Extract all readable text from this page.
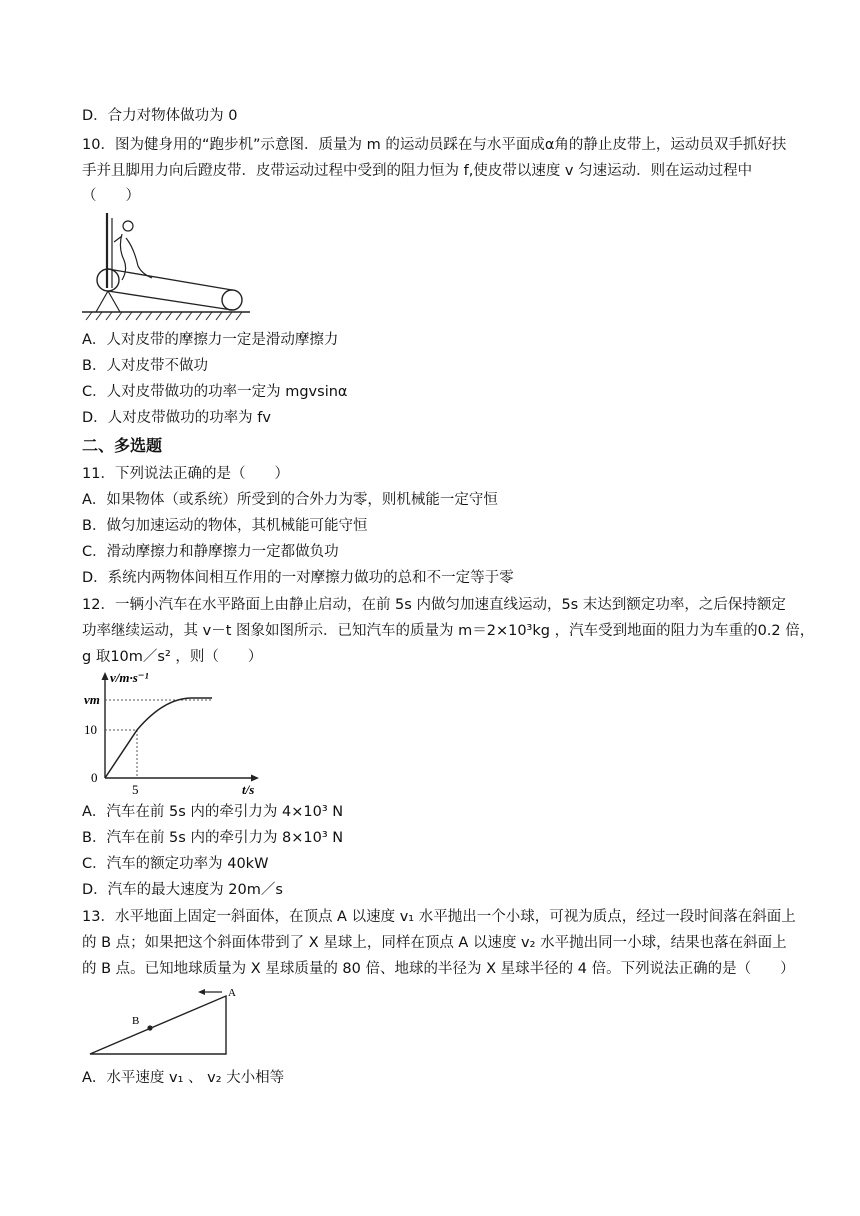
D．合力对物体做功为 0
10．图为健身用的“跑步机”示意图．质量为 m 的运动员踩在与水平面成α角的静止皮带上，运动员双手抓好扶
手并且脚用力向后蹬皮带．皮带运动过程中受到的阻力恒为 f,使皮带以速度 v 匀速运动．则在运动过程中
（　　）
A．人对皮带的摩擦力一定是滑动摩擦力
B．人对皮带不做功
C．人对皮带做功的功率一定为 mgvsinα
D．人对皮带做功的功率为 fv
二、多选题
11．下列说法正确的是（　　）
A．如果物体（或系统）所受到的合外力为零，则机械能一定守恒
B．做匀加速运动的物体，其机械能可能守恒
C．滑动摩擦力和静摩擦力一定都做负功
D．系统内两物体间相互作用的一对摩擦力做功的总和不一定等于零
12．一辆小汽车在水平路面上由静止启动，在前 5s 内做匀加速直线运动，5s 末达到额定功率，之后保持额定
功率继续运动，其 v－t 图象如图所示．已知汽车的质量为 m＝2×10³kg ，汽车受到地面的阻力为车重的0.2 倍，
g 取10m／s² ，则（　　）
v/m·s⁻¹
vm
10
0
5	t/s
A．汽车在前 5s 内的牵引力为 4×10³ N
B．汽车在前 5s 内的牵引力为 8×10³ N
C．汽车的额定功率为 40kW
D．汽车的最大速度为 20m／s
13．水平地面上固定一斜面体，在顶点 A 以速度 v₁ 水平抛出一个小球，可视为质点，经过一段时间落在斜面上
的 B 点；如果把这个斜面体带到了 X 星球上，同样在顶点 A 以速度 v₂ 水平抛出同一小球，结果也落在斜面上
的 B 点。已知地球质量为 X 星球质量的 80 倍、地球的半径为 X 星球半径的 4 倍。下列说法正确的是（　　）
A
B
A．水平速度 v₁ 、 v₂ 大小相等
